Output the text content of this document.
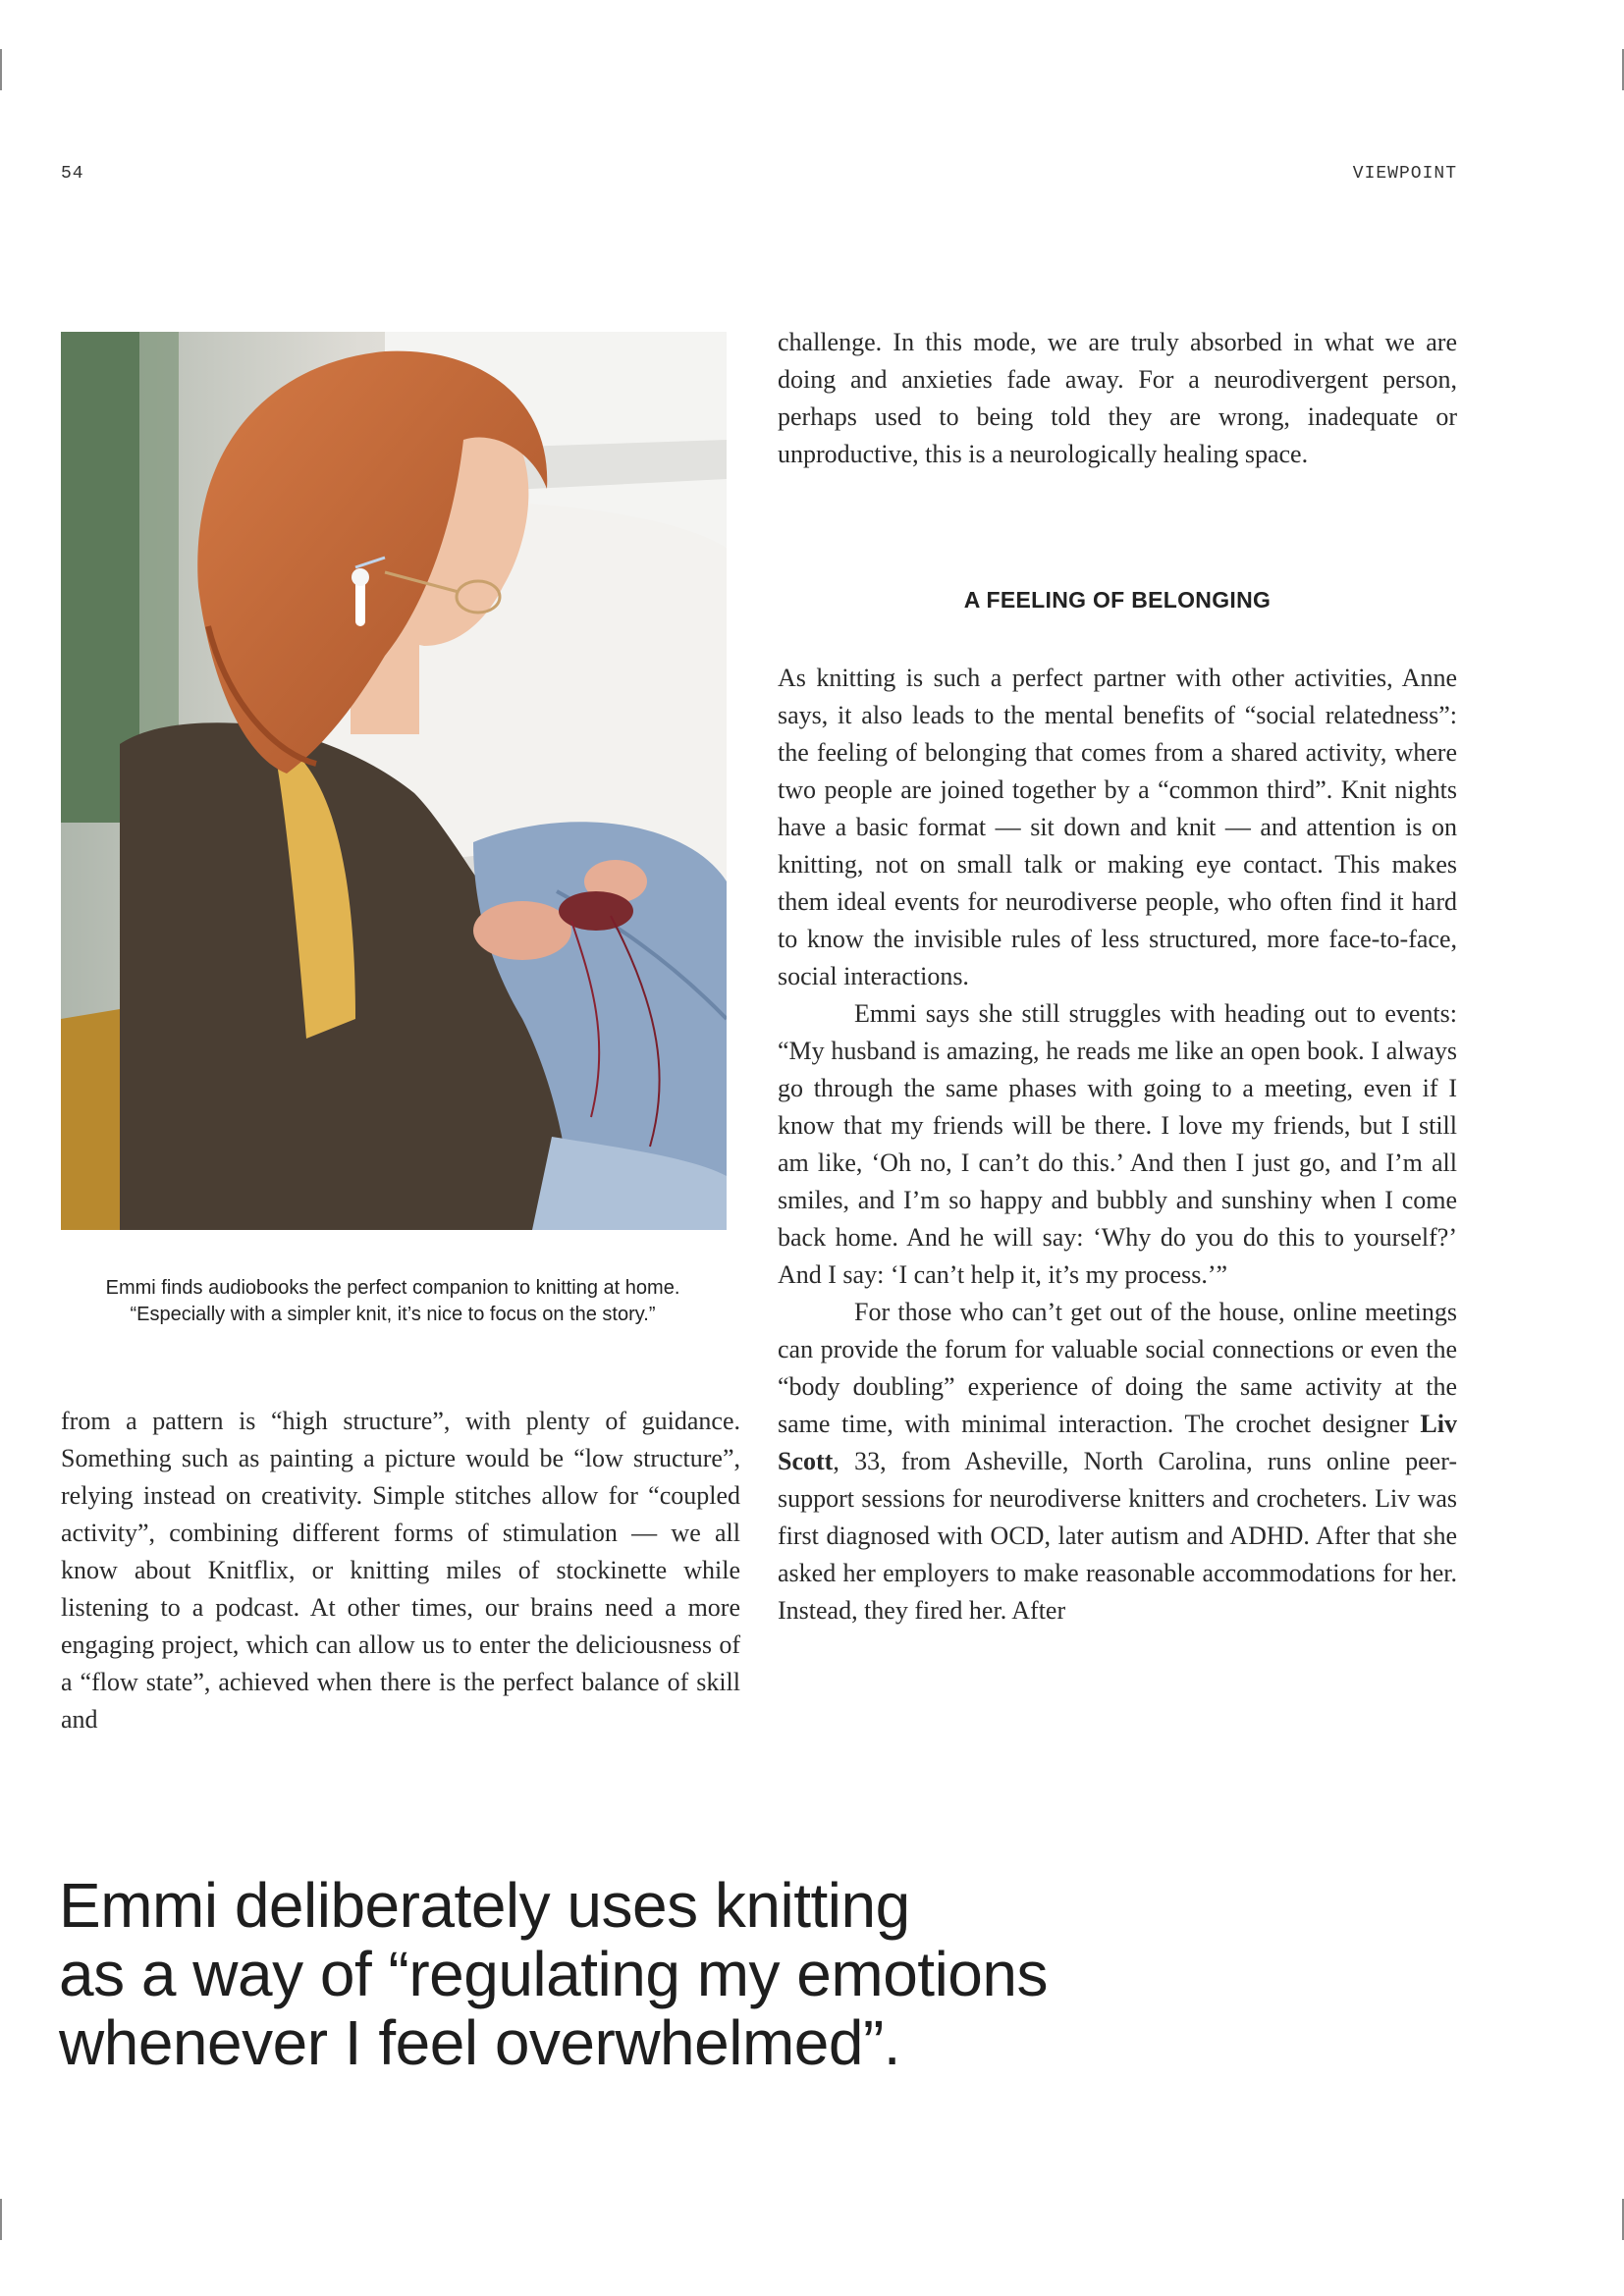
54	VIEWPOINT
Emmi finds audiobooks the perfect companion to knitting at home.
“Especially with a simpler knit, it’s nice to focus on the story.”

from a pattern is “high structure”, with plenty of guidance. Something such as painting a picture would be “low structure”, relying instead on creativity. Simple stitches allow for “coupled activity”, combining different forms of stimulation — we all know about Knitflix, or knitting miles of stockinette while listening to a podcast. At other times, our brains need a more engaging project, which can allow us to enter the deliciousness of a “flow state”, achieved when there is the perfect balance of skill and

challenge. In this mode, we are truly absorbed in what we are doing and anxieties fade away. For a neurodivergent person, perhaps used to being told they are wrong, inadequate or unproductive, this is a neurologically healing space.

A FEELING OF BELONGING

As knitting is such a perfect partner with other activities, Anne says, it also leads to the mental benefits of “social relatedness”: the feeling of belonging that comes from a shared activity, where two people are joined together by a “common third”. Knit nights have a basic format — sit down and knit — and attention is on knitting, not on small talk or making eye contact. This makes them ideal events for neurodiverse people, who often find it hard to know the invisible rules of less structured, more face-to-face, social interactions.

Emmi says she still struggles with heading out to events: “My husband is amazing, he reads me like an open book. I always go through the same phases with going to a meeting, even if I know that my friends will be there. I love my friends, but I still am like, ‘Oh no, I can’t do this.’ And then I just go, and I’m all smiles, and I’m so happy and bubbly and sunshiny when I come back home. And he will say: ‘Why do you do this to yourself?’ And I say: ‘I can’t help it, it’s my process.’”

For those who can’t get out of the house, online meetings can provide the forum for valuable social connections or even the “body doubling” experience of doing the same activity at the same time, with minimal interaction. The crochet designer Liv Scott, 33, from Asheville, North Carolina, runs online peer-support sessions for neurodiverse knitters and crocheters. Liv was first diagnosed with OCD, later autism and ADHD. After that she asked her employers to make reasonable accommodations for her. Instead, they fired her. After

Emmi deliberately uses knitting
as a way of “regulating my emotions
whenever I feel overwhelmed”.
